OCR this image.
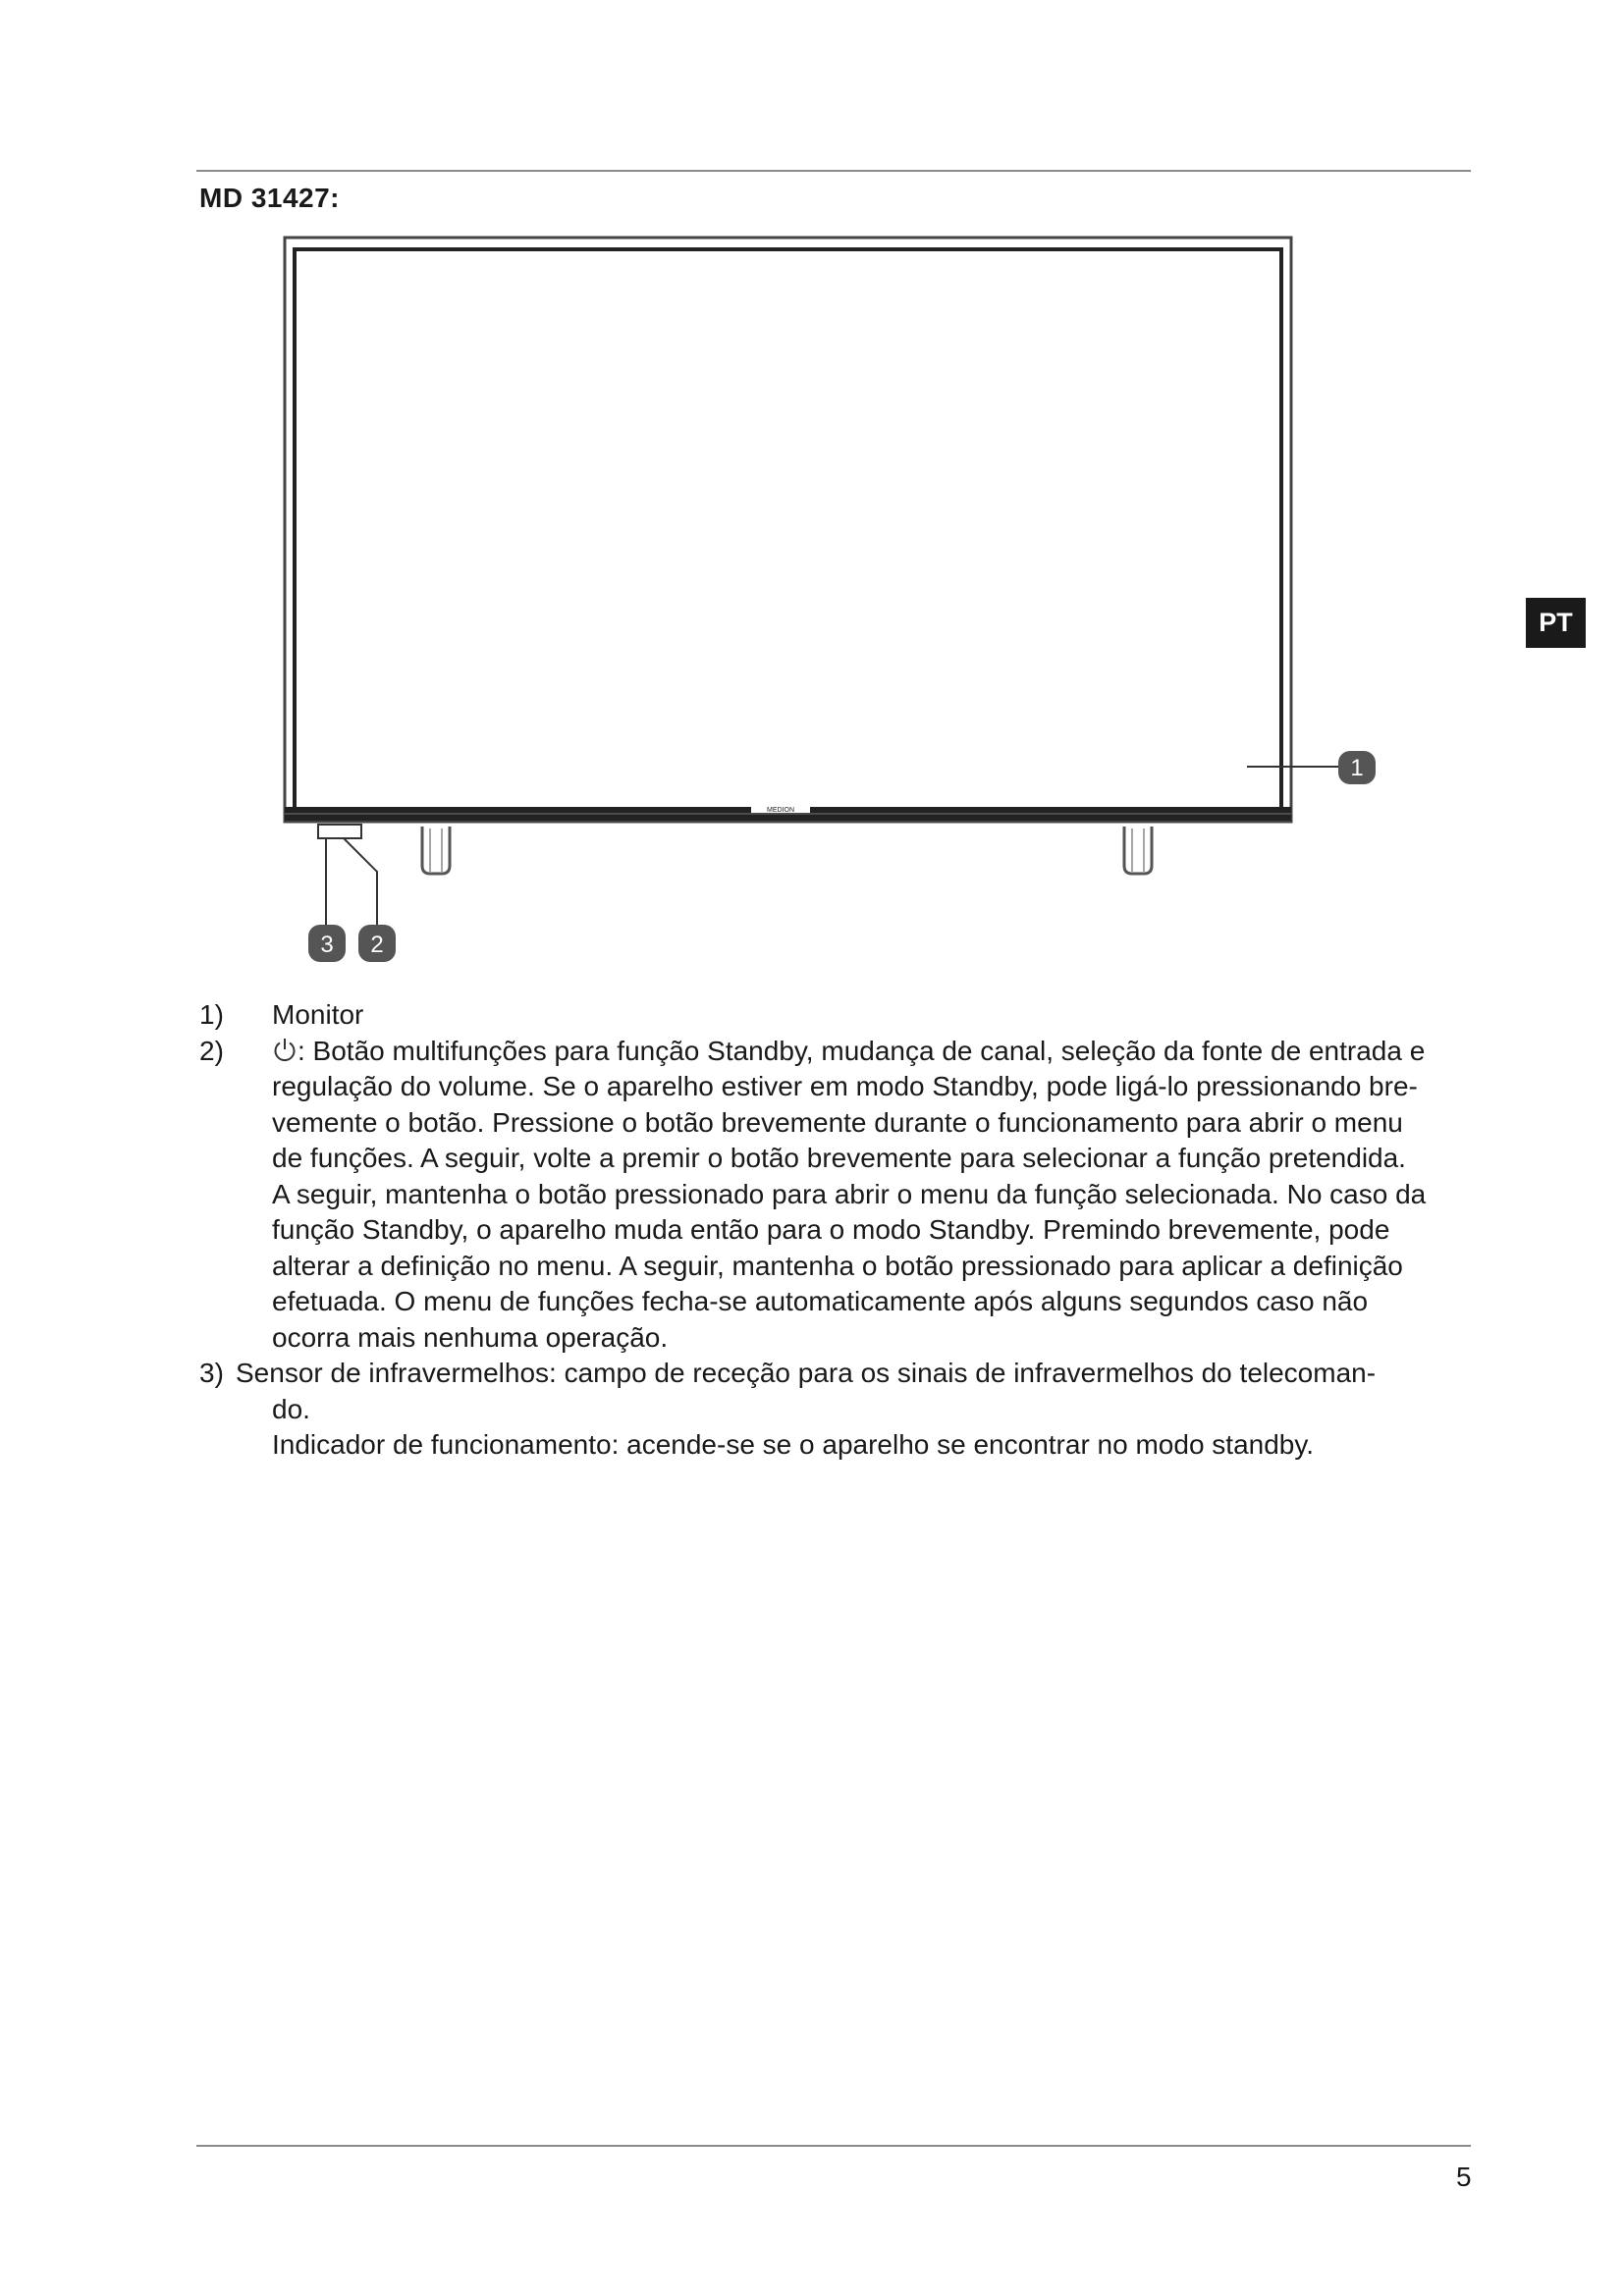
MD 31427:
PT
MEDION
1
3 2
1) Monitor
2)	: Botão multifunções para função Standby, mudança de canal, seleção da fonte de entrada e
regulação do volume. Se o aparelho estiver em modo Standby, pode ligá-lo pressionando bre-
vemente o botão. Pressione o botão brevemente durante o funcionamento para abrir o menu
de funções. A seguir, volte a premir o botão brevemente para selecionar a função pretendida.
A seguir, mantenha o botão pressionado para abrir o menu da função selecionada. No caso da
função Standby, o aparelho muda então para o modo Standby. Premindo brevemente, pode
alterar a definição no menu. A seguir, mantenha o botão pressionado para aplicar a definição
efetuada. O menu de funções fecha-se automaticamente após alguns segundos caso não
ocorra mais nenhuma operação.
3) Sensor de infravermelhos: campo de receção para os sinais de infravermelhos do telecoman-
do.
Indicador de funcionamento: acende-se se o aparelho se encontrar no modo standby.
5
